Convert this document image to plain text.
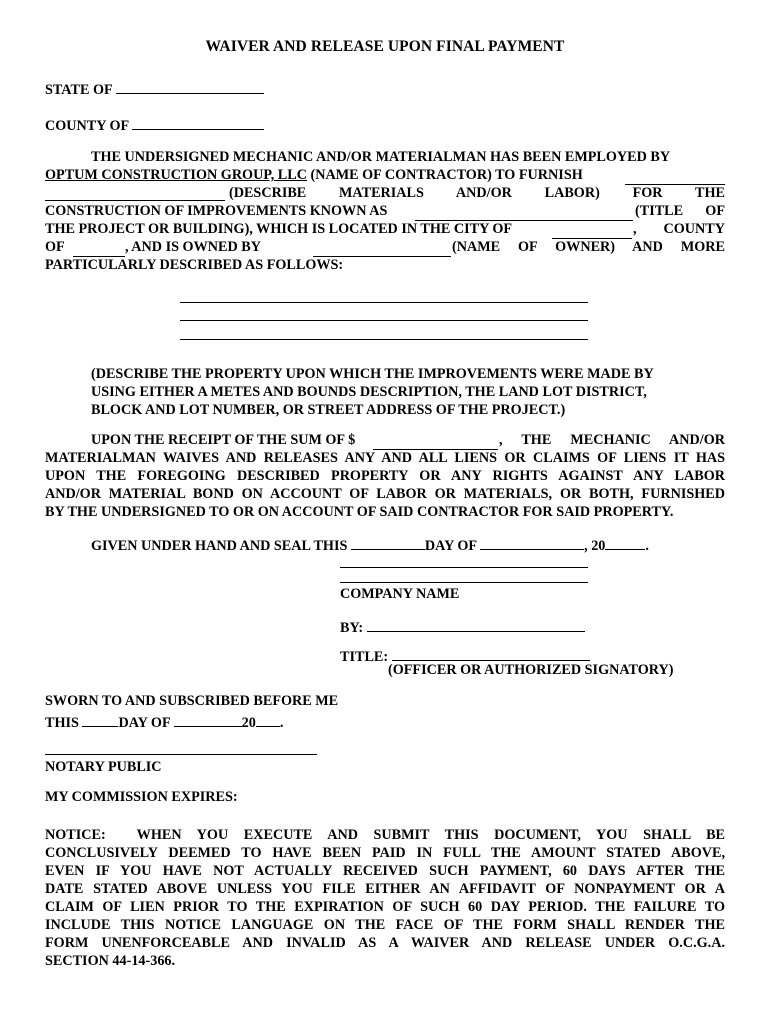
WAIVER AND RELEASE UPON FINAL PAYMENT
STATE OF
COUNTY OF
THE UNDERSIGNED MECHANIC AND/OR MATERIALMAN HAS BEEN EMPLOYED BY
OPTUM CONSTRUCTION GROUP, LLC (NAME OF CONTRACTOR) TO FURNISH
(DESCRIBE MATERIALS AND/OR LABOR) FOR THE
CONSTRUCTION OF IMPROVEMENTS KNOWN AS	(TITLE OF
THE PROJECT OR BUILDING), WHICH IS LOCATED IN THE CITY OF	, COUNTY
OF	, AND IS OWNED BY	(NAME OF OWNER) AND MORE
PARTICULARLY DESCRIBED AS FOLLOWS:
(DESCRIBE THE PROPERTY UPON WHICH THE IMPROVEMENTS WERE MADE BY
USING EITHER A METES AND BOUNDS DESCRIPTION, THE LAND LOT DISTRICT,
BLOCK AND LOT NUMBER, OR STREET ADDRESS OF THE PROJECT.)
UPON THE RECEIPT OF THE SUM OF $	, THE MECHANIC AND/OR
MATERIALMAN WAIVES AND RELEASES ANY AND ALL LIENS OR CLAIMS OF LIENS IT HAS
UPON THE FOREGOING DESCRIBED PROPERTY OR ANY RIGHTS AGAINST ANY LABOR
AND/OR MATERIAL BOND ON ACCOUNT OF LABOR OR MATERIALS, OR BOTH, FURNISHED
BY THE UNDERSIGNED TO OR ON ACCOUNT OF SAID CONTRACTOR FOR SAID PROPERTY.
GIVEN UNDER HAND AND SEAL THIS	DAY OF	, 20	.
COMPANY NAME
BY:
TITLE:
(OFFICER OR AUTHORIZED SIGNATORY)
SWORN TO AND SUBSCRIBED BEFORE ME
THIS	DAY OF	20 .
NOTARY PUBLIC
MY COMMISSION EXPIRES:
NOTICE:  WHEN YOU EXECUTE AND SUBMIT THIS DOCUMENT, YOU SHALL BE
CONCLUSIVELY DEEMED TO HAVE BEEN PAID IN FULL THE AMOUNT STATED ABOVE,
EVEN IF YOU HAVE NOT ACTUALLY RECEIVED SUCH PAYMENT, 60 DAYS AFTER THE
DATE STATED ABOVE UNLESS YOU FILE EITHER AN AFFIDAVIT OF NONPAYMENT OR A
CLAIM OF LIEN PRIOR TO THE EXPIRATION OF SUCH 60 DAY PERIOD. THE FAILURE TO
INCLUDE THIS NOTICE LANGUAGE ON THE FACE OF THE FORM SHALL RENDER THE
FORM UNENFORCEABLE AND INVALID AS A WAIVER AND RELEASE UNDER O.C.G.A.
SECTION 44-14-366.
